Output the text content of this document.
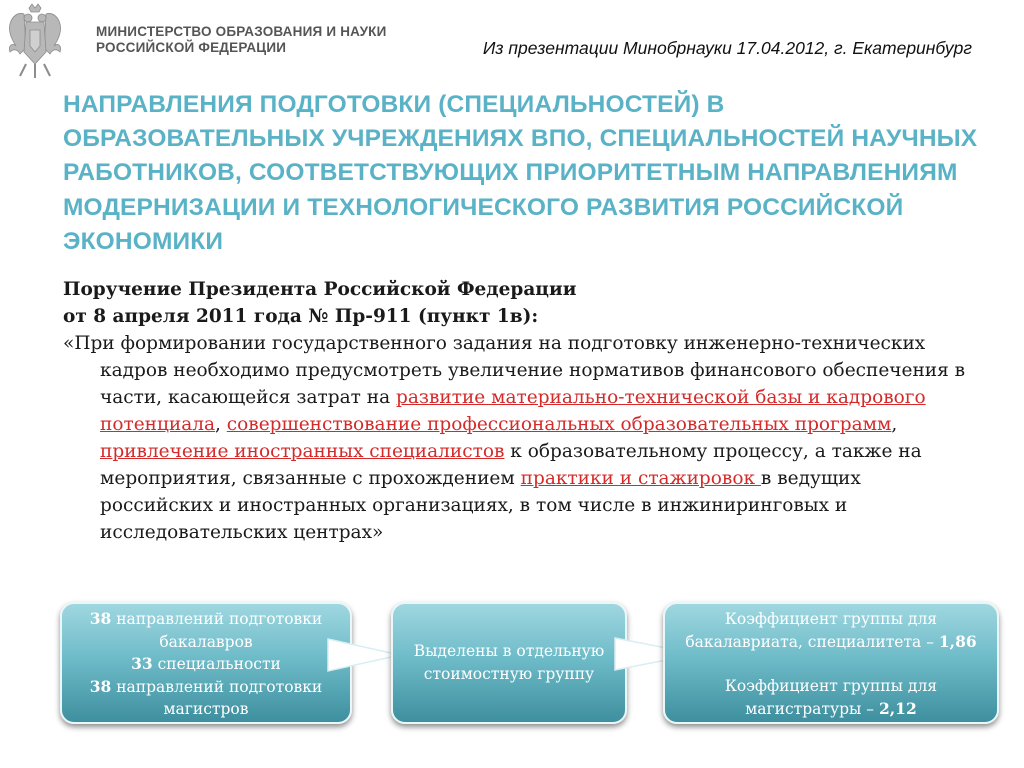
МИНИСТЕРСТВО ОБРАЗОВАНИЯ И НАУКИ
РОССИЙСКОЙ ФЕДЕРАЦИИ	Из презентации Минобрнауки 17.04.2012, г. Екатеринбург
НАПРАВЛЕНИЯ ПОДГОТОВКИ (СПЕЦИАЛЬНОСТЕЙ) В ОБРАЗОВАТЕЛЬНЫХ УЧРЕЖДЕНИЯХ ВПО, СПЕЦИАЛЬНОСТЕЙ НАУЧНЫХ РАБОТНИКОВ, СООТВЕТСТВУЮЩИХ ПРИОРИТЕТНЫМ НАПРАВЛЕНИЯМ МОДЕРНИЗАЦИИ И ТЕХНОЛОГИЧЕСКОГО РАЗВИТИЯ РОССИЙСКОЙ ЭКОНОМИКИ
Поручение Президента Российской Федерации
от 8 апреля 2011 года № Пр-911 (пункт 1в):

«При формировании государственного задания на подготовку инженерно-технических кадров необходимо предусмотреть увеличение нормативов финансового обеспечения в части, касающейся затрат на развитие материально-технической базы и кадрового потенциала, совершенствование профессиональных образовательных программ, привлечение иностранных специалистов к образовательному процессу, а также на мероприятия, связанные с прохождением практики и стажировок в ведущих российских и иностранных организациях, в том числе в инжиниринговых и исследовательских центрах»

38 направлений подготовки бакалавров
33 специальности
38 направлений подготовки магистров
Выделены в отдельную стоимостную группу
Коэффициент группы для бакалавриата, специалитета – 1,86
Коэффициент группы для магистратуры – 2,12
